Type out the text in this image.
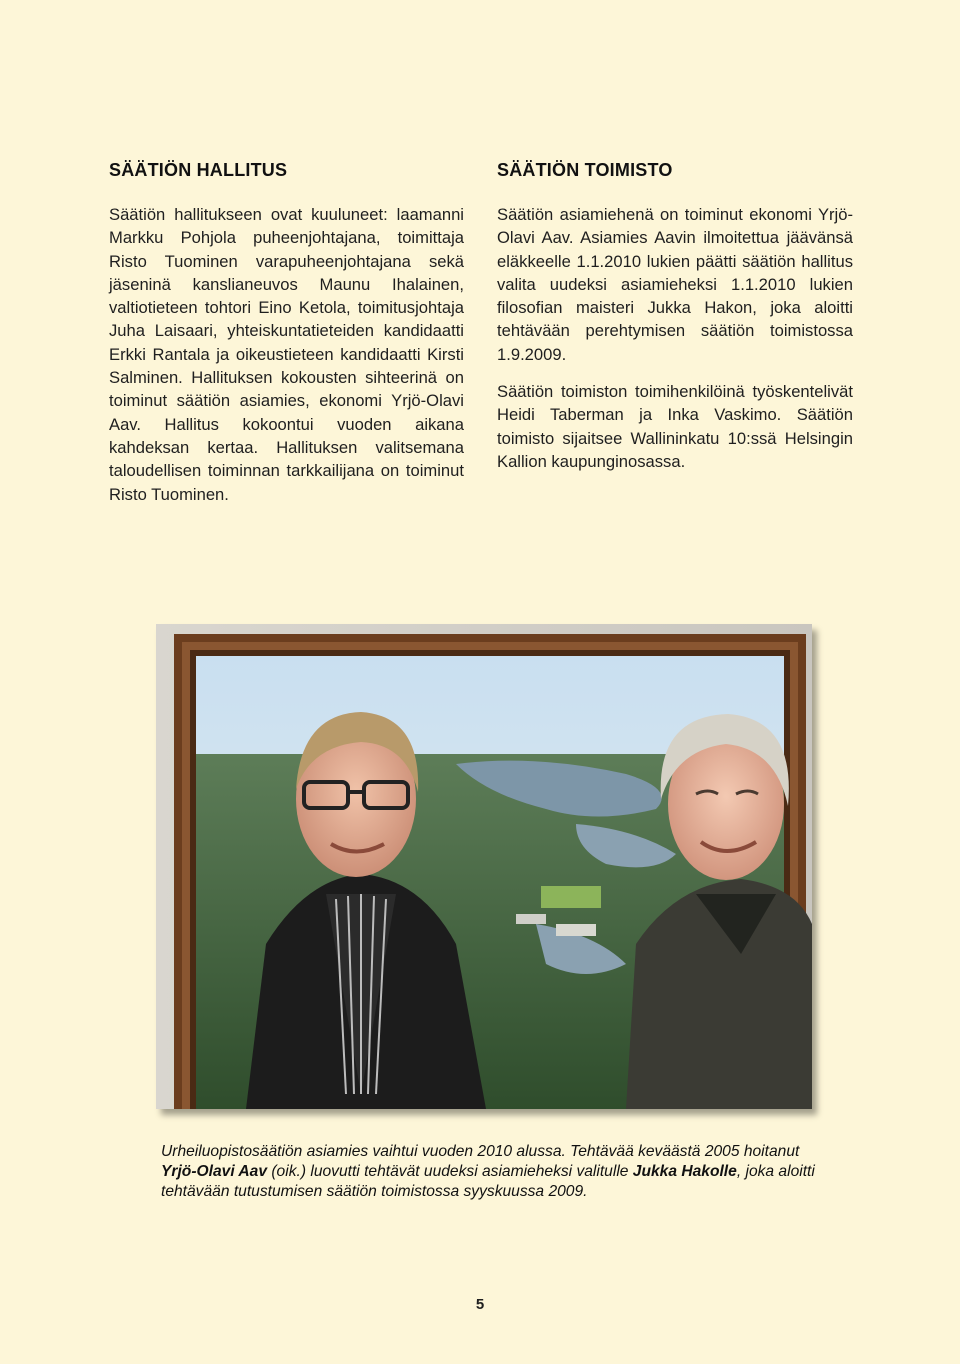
SÄÄTIÖN HALLITUS

Säätiön hallitukseen ovat kuuluneet: laamanni Markku Pohjola puheenjohtajana, toimittaja Risto Tuominen varapuheenjohtajana sekä jäseninä kanslianeuvos Maunu Ihalainen, valtiotieteen tohtori Eino Ketola, toimitusjohtaja Juha Laisaari, yhteiskuntatieteiden kandidaatti Erkki Rantala ja oikeustieteen kandidaatti Kirsti Salminen. Hallituksen kokousten sihteerinä on toiminut säätiön asiamies, ekonomi Yrjö-Olavi Aav. Hallitus kokoontui vuoden aikana kahdeksan kertaa. Hallituksen valitsemana taloudellisen toiminnan tarkkailijana on toiminut Risto Tuominen.

SÄÄTIÖN TOIMISTO

Säätiön asiamiehenä on toiminut ekonomi Yrjö-Olavi Aav. Asiamies Aavin ilmoitettua jäävänsä eläkkeelle 1.1.2010 lukien päätti säätiön hallitus valita uudeksi asiamieheksi 1.1.2010 lukien filosofian maisteri Jukka Hakon, joka aloitti tehtävään perehtymisen säätiön toimistossa 1.9.2009.

Säätiön toimiston toimihenkilöinä työskentelivät Heidi Taberman ja Inka Vaskimo. Säätiön toimisto sijaitsee Wallininkatu 10:ssä Helsingin Kallion kaupunginosassa.

Urheiluopistosäätiön asiamies vaihtui vuoden 2010 alussa. Tehtävää keväästä 2005 hoitanut Yrjö-Olavi Aav (oik.) luovutti tehtävät uudeksi asiamieheksi valitulle Jukka Hakolle, joka aloitti tehtävään tutustumisen säätiön toimistossa syyskuussa 2009.
5
